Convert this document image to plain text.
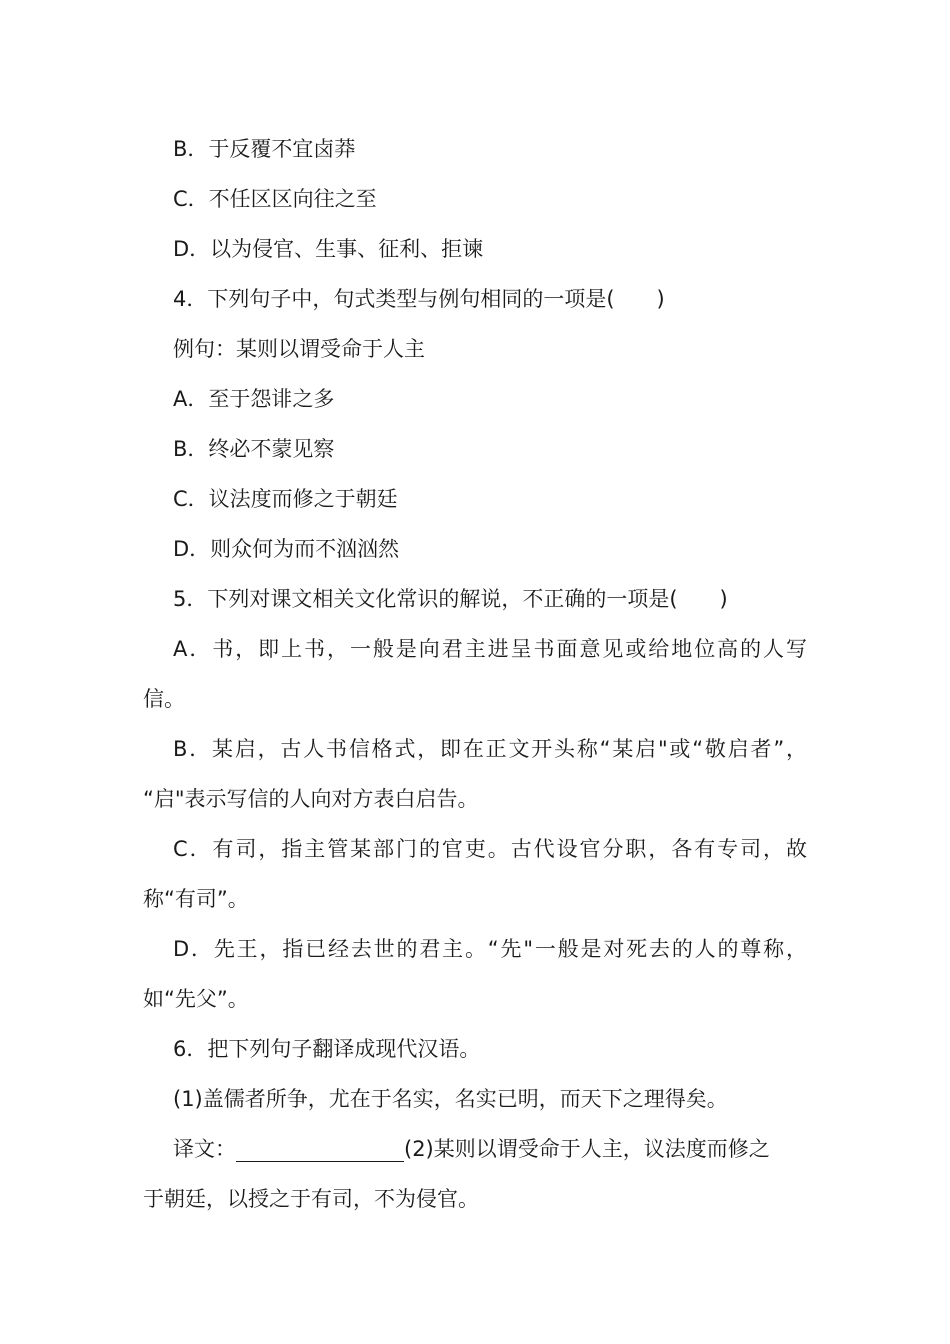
B．于反覆不宜卤莽
C．不任区区向往之至
D．以为侵官、生事、征利、拒谏
4．下列句子中，句式类型与例句相同的一项是(　　)
例句：某则以谓受命于人主
A．至于怨诽之多
B．终必不蒙见察
C．议法度而修之于朝廷
D．则众何为而不汹汹然
5．下列对课文相关文化常识的解说，不正确的一项是(　　)
A．书，即上书，一般是向君主进呈书面意见或给地位高的人写
信。
B．某启，古人书信格式，即在正文开头称“某启"或“敬启者”，
“启"表示写信的人向对方表白启告。
C．有司，指主管某部门的官吏。古代设官分职，各有专司，故
称“有司”。
D．先王，指已经去世的君主。“先"一般是对死去的人的尊称，
如“先父”。
6．把下列句子翻译成现代汉语。
(1)盖儒者所争，尤在于名实，名实已明，而天下之理得矣。
译文：	(2)某则以谓受命于人主，议法度而修之
于朝廷，以授之于有司，不为侵官。
